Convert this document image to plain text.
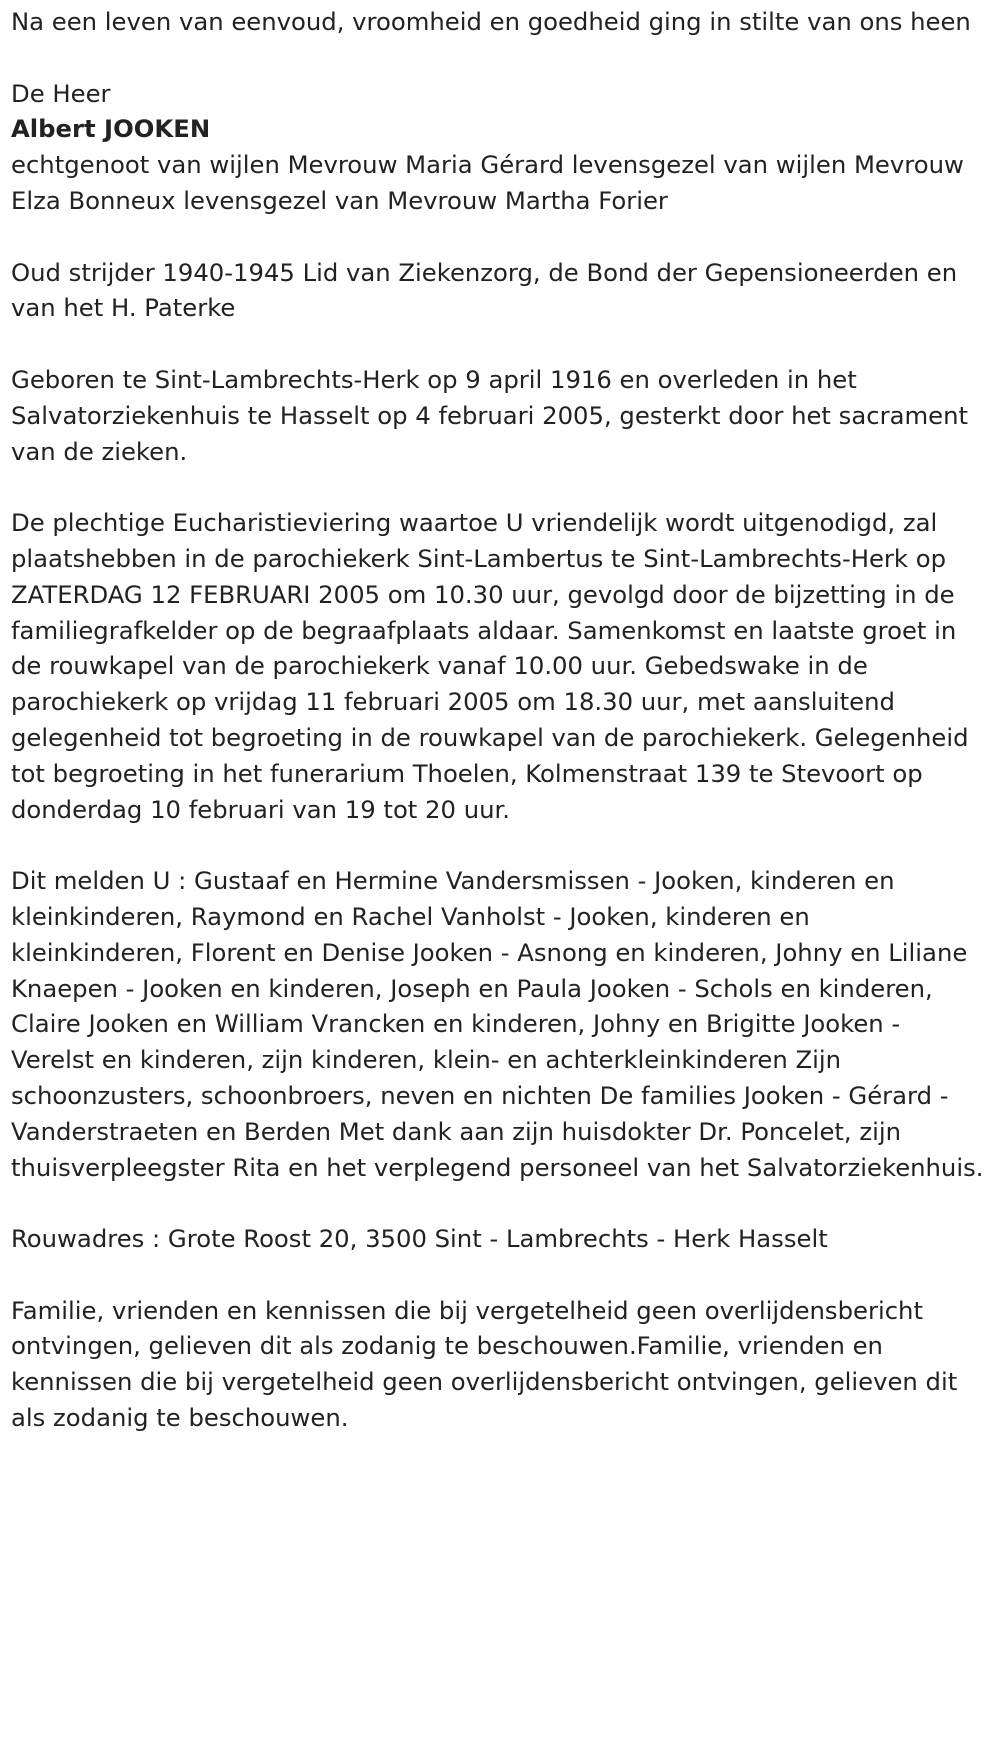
Na een leven van eenvoud, vroomheid en goedheid ging in stilte van ons heen

De Heer

Albert JOOKEN

echtgenoot van wijlen Mevrouw Maria Gérard levensgezel van wijlen Mevrouw Elza Bonneux levensgezel van Mevrouw Martha Forier

Oud strijder 1940-1945 Lid van Ziekenzorg, de Bond der Gepensioneerden en van het H. Paterke

Geboren te Sint-Lambrechts-Herk op 9 april 1916 en overleden in het Salvatorziekenhuis te Hasselt op 4 februari 2005, gesterkt door het sacrament van de zieken.

De plechtige Eucharistieviering waartoe U vriendelijk wordt uitgenodigd, zal plaatshebben in de parochiekerk Sint-Lambertus te Sint-Lambrechts-Herk op ZATERDAG 12 FEBRUARI 2005 om 10.30 uur, gevolgd door de bijzetting in de familiegrafkelder op de begraafplaats aldaar. Samenkomst en laatste groet in de rouwkapel van de parochiekerk vanaf 10.00 uur. Gebedswake in de parochiekerk op vrijdag 11 februari 2005 om 18.30 uur, met aansluitend gelegenheid tot begroeting in de rouwkapel van de parochiekerk. Gelegenheid tot begroeting in het funerarium Thoelen, Kolmenstraat 139 te Stevoort op donderdag 10 februari van 19 tot 20 uur.

Dit melden U : Gustaaf en Hermine Vandersmissen - Jooken, kinderen en kleinkinderen, Raymond en Rachel Vanholst - Jooken, kinderen en kleinkinderen, Florent en Denise Jooken - Asnong en kinderen, Johny en Liliane Knaepen - Jooken en kinderen, Joseph en Paula Jooken - Schols en kinderen, Claire Jooken en William Vrancken en kinderen, Johny en Brigitte Jooken - Verelst en kinderen, zijn kinderen, klein- en achterkleinkinderen Zijn schoonzusters, schoonbroers, neven en nichten De families Jooken - Gérard - Vanderstraeten en Berden Met dank aan zijn huisdokter Dr. Poncelet, zijn thuisverpleegster Rita en het verplegend personeel van het Salvatorziekenhuis.

Rouwadres : Grote Roost 20, 3500 Sint - Lambrechts - Herk Hasselt

Familie, vrienden en kennissen die bij vergetelheid geen overlijdensbericht ontvingen, gelieven dit als zodanig te beschouwen.Familie, vrienden en kennissen die bij vergetelheid geen overlijdensbericht ontvingen, gelieven dit als zodanig te beschouwen.
